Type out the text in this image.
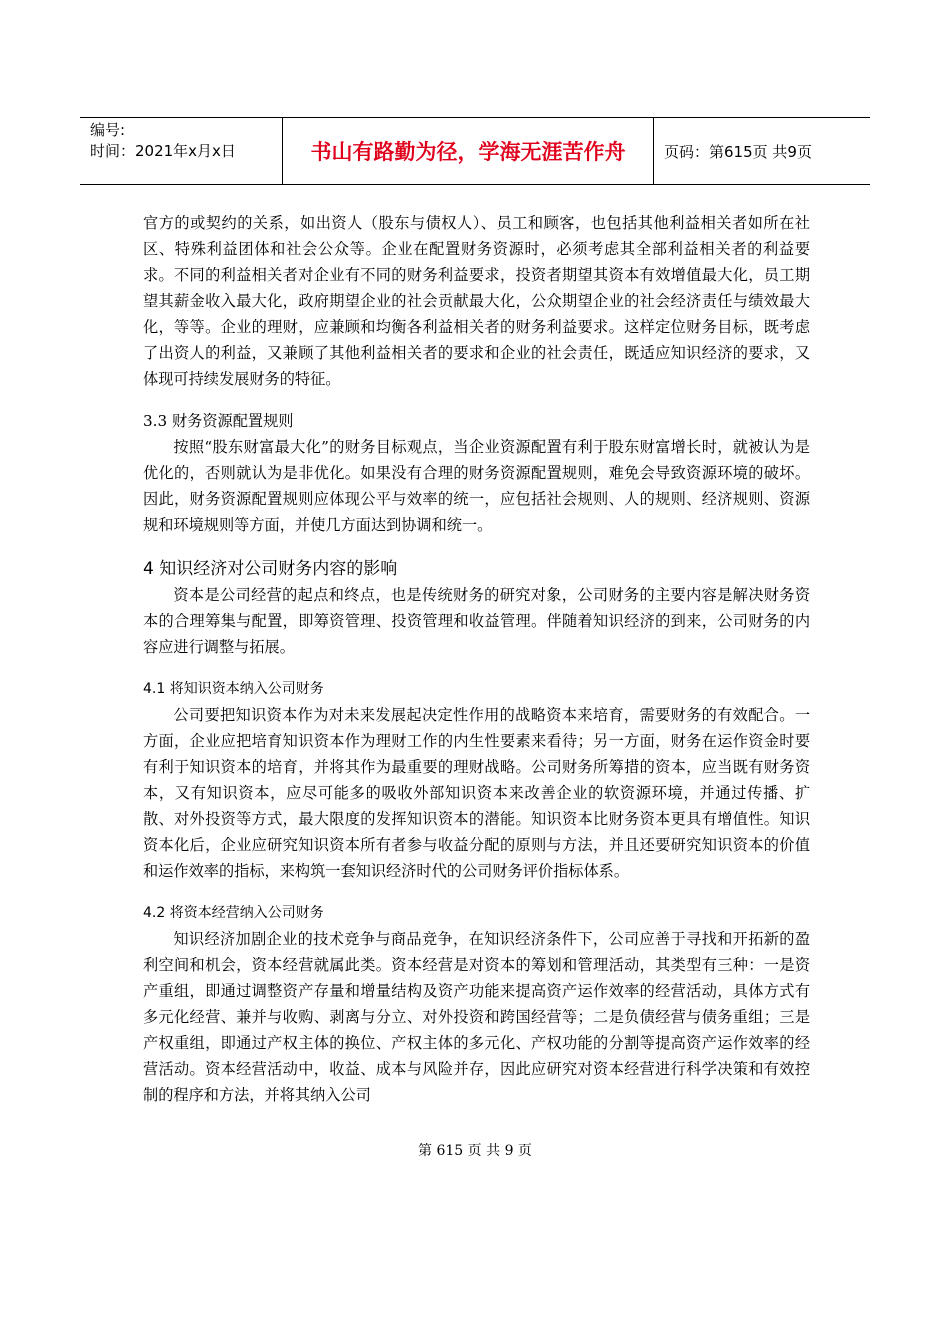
编号:
时间：2021年x月x日	书山有路勤为径，学海无涯苦作舟	页码：第615页 共9页

官方的或契约的关系，如出资人（股东与债权人）、员工和顾客，也包括其他利益相关者如所在社区、特殊利益团体和社会公众等。企业在配置财务资源时，必须考虑其全部利益相关者的利益要求。不同的利益相关者对企业有不同的财务利益要求，投资者期望其资本有效增值最大化，员工期望其薪金收入最大化，政府期望企业的社会贡献最大化，公众期望企业的社会经济责任与绩效最大化，等等。企业的理财，应兼顾和均衡各利益相关者的财务利益要求。这样定位财务目标，既考虑了出资人的利益，又兼顾了其他利益相关者的要求和企业的社会责任，既适应知识经济的要求，又体现可持续发展财务的特征。

3.3 财务资源配置规则

按照“股东财富最大化”的财务目标观点，当企业资源配置有利于股东财富增长时，就被认为是优化的，否则就认为是非优化。如果没有合理的财务资源配置规则，难免会导致资源环境的破坏。因此，财务资源配置规则应体现公平与效率的统一，应包括社会规则、人的规则、经济规则、资源规和环境规则等方面，并使几方面达到协调和统一。

4 知识经济对公司财务内容的影响

资本是公司经营的起点和终点，也是传统财务的研究对象，公司财务的主要内容是解决财务资本的合理筹集与配置，即筹资管理、投资管理和收益管理。伴随着知识经济的到来，公司财务的内容应进行调整与拓展。

4.1 将知识资本纳入公司财务

公司要把知识资本作为对未来发展起决定性作用的战略资本来培育，需要财务的有效配合。一方面，企业应把培育知识资本作为理财工作的内生性要素来看待；另一方面，财务在运作资金时要有利于知识资本的培育，并将其作为最重要的理财战略。公司财务所筹措的资本，应当既有财务资本，又有知识资本，应尽可能多的吸收外部知识资本来改善企业的软资源环境，并通过传播、扩散、对外投资等方式，最大限度的发挥知识资本的潜能。知识资本比财务资本更具有增值性。知识资本化后，企业应研究知识资本所有者参与收益分配的原则与方法，并且还要研究知识资本的价值和运作效率的指标，来构筑一套知识经济时代的公司财务评价指标体系。

4.2 将资本经营纳入公司财务

知识经济加剧企业的技术竞争与商品竞争，在知识经济条件下，公司应善于寻找和开拓新的盈利空间和机会，资本经营就属此类。资本经营是对资本的筹划和管理活动，其类型有三种：一是资产重组，即通过调整资产存量和增量结构及资产功能来提高资产运作效率的经营活动，具体方式有多元化经营、兼并与收购、剥离与分立、对外投资和跨国经营等；二是负债经营与债务重组；三是产权重组，即通过产权主体的换位、产权主体的多元化、产权功能的分割等提高资产运作效率的经营活动。资本经营活动中，收益、成本与风险并存，因此应研究对资本经营进行科学决策和有效控制的程序和方法，并将其纳入公司

第 615 页 共 9 页
